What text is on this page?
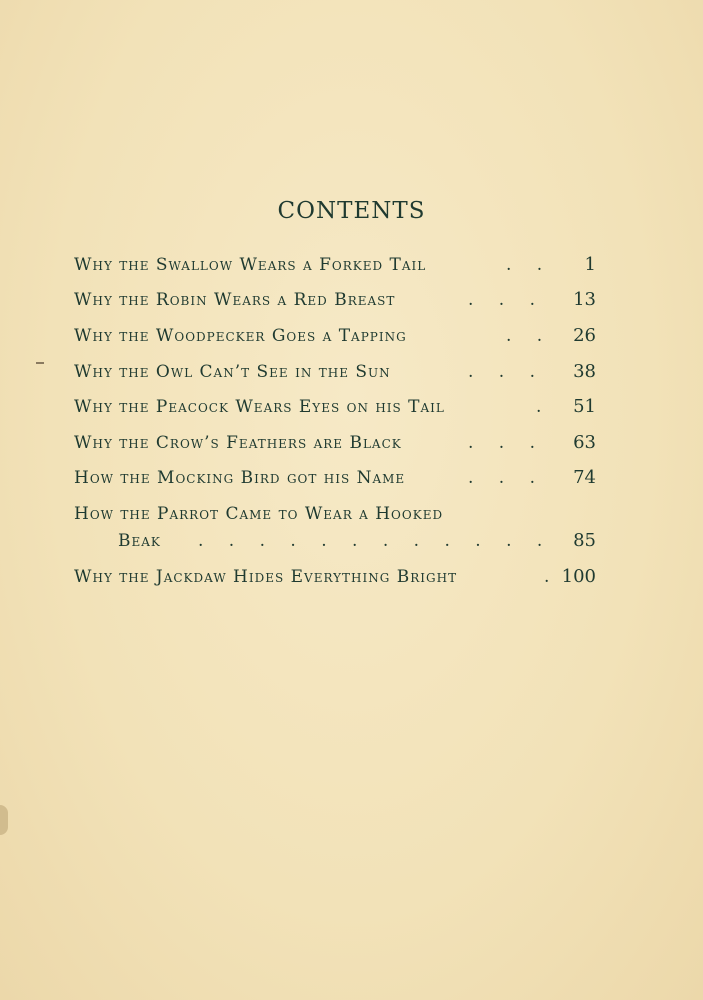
CONTENTS
Why the Swallow Wears a Forked Tail	. . 1
Why the Robin Wears a Red Breast	. . . 13
Why the Woodpecker Goes a Tapping	. . 26
Why the Owl Can’t See in the Sun	. . . 38
Why the Peacock Wears Eyes on his Tail	. 51
Why the Crow’s Feathers are Black	. . . 63
How the Mocking Bird got his Name	. . . 74
How the Parrot Came to Wear a Hooked
Beak . . . . . . . . . . . . 85
Why the Jackdaw Hides Everything Bright	. 100
